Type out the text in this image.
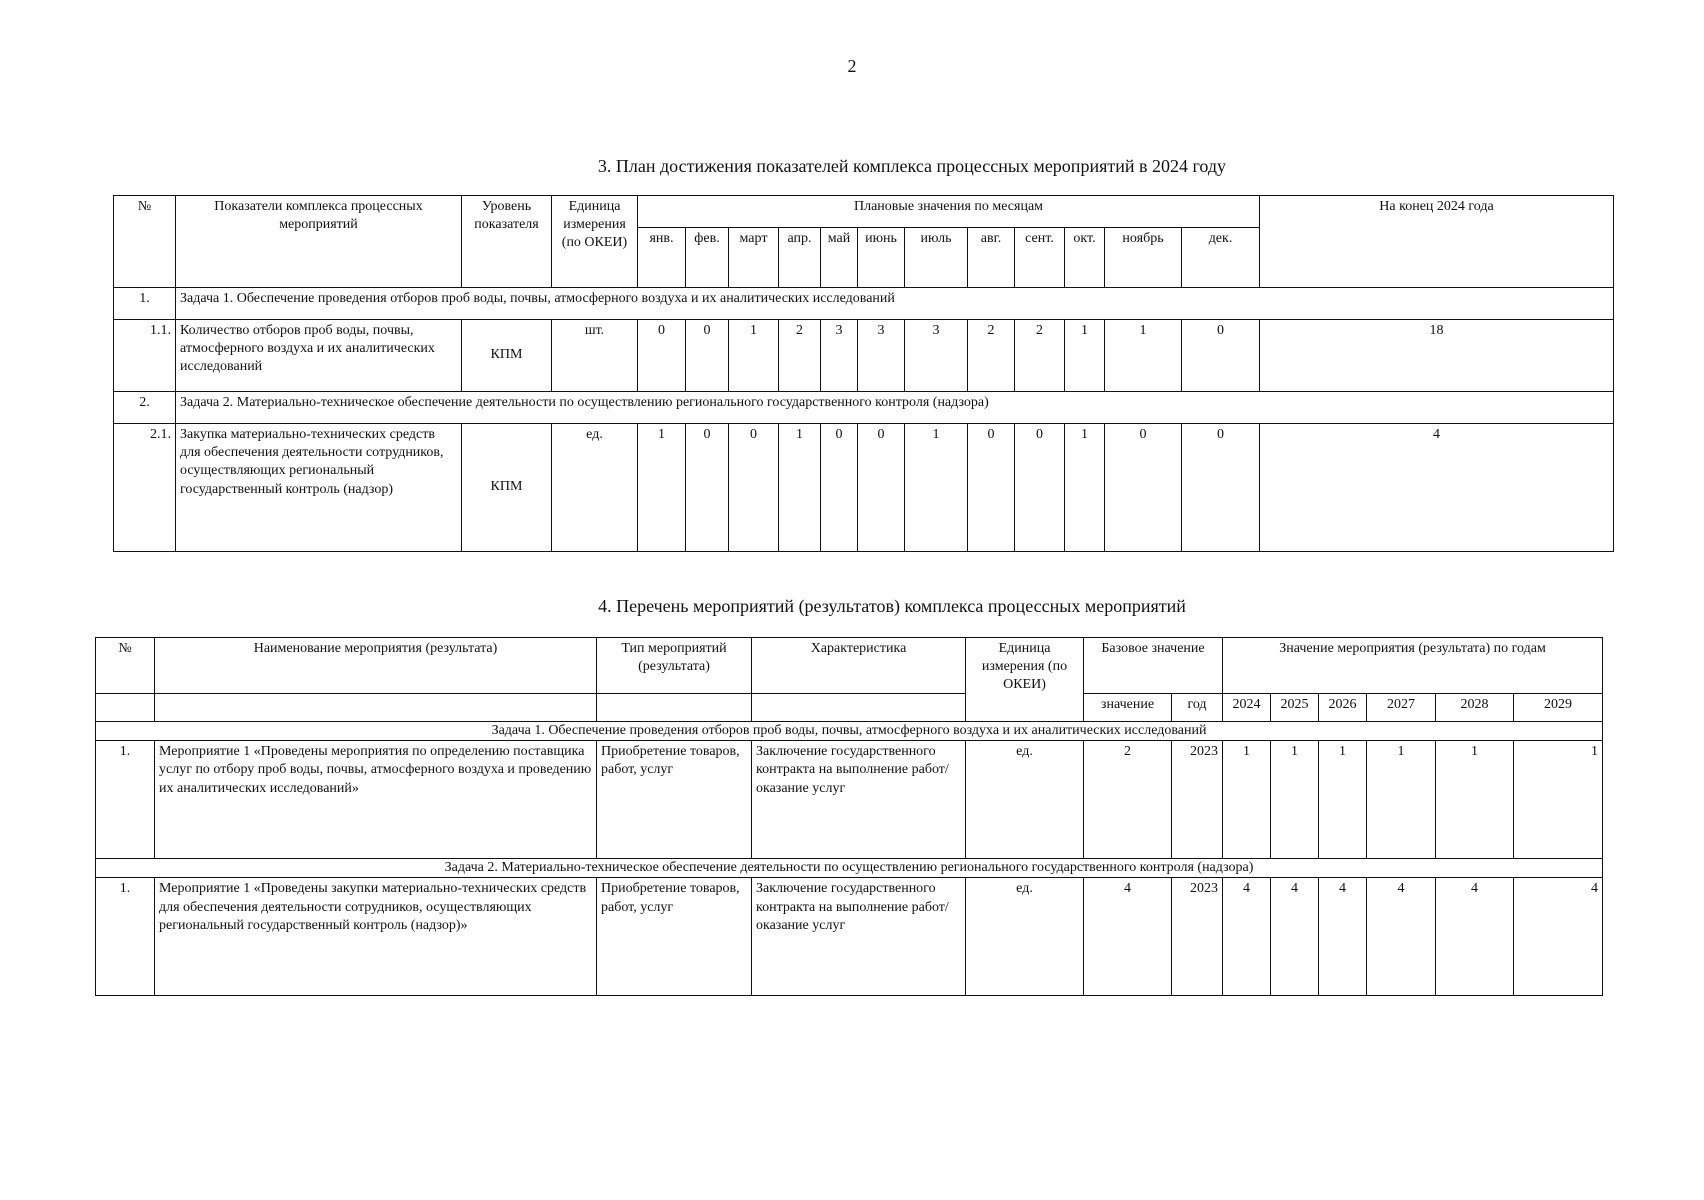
2
3. План достижения показателей комплекса процессных мероприятий в 2024 году
№	Показатели комплекса процессных мероприятий	Уровень показателя	Единица измерения (по ОКЕИ)	Плановые значения по месяцам												На конец 2024 года
				янв.	фев.	март	апр.	май	июнь	июль	авг.	сент.	окт.	ноябрь	дек.	
1.	Задача 1. Обеспечение проведения отборов проб воды, почвы, атмосферного воздуха и их аналитических исследований															
1.1.	Количество отборов проб воды, почвы, атмосферного воздуха и их аналитических исследований	КПМ	шт.	0	0	1	2	3	3	3	2	2	1	1	0	18
2.	Задача 2. Материально-техническое обеспечение деятельности по осуществлению регионального государственного контроля (надзора)															
2.1.	Закупка материально-технических средств для обеспечения деятельности сотрудников, осуществляющих региональный государственный контроль (надзор)	КПМ	ед.	1	0	0	1	0	0	1	0	0	1	0	0	4
4. Перечень мероприятий (результатов) комплекса процессных мероприятий
№	Наименование мероприятия (результата)	Тип мероприятий (результата)	Характеристика	Единица измерения (по ОКЕИ)	Базовое значение		Значение мероприятия (результата) по годам					
					значение	год	2024	2025	2026	2027	2028	2029
Задача 1. Обеспечение проведения отборов проб воды, почвы, атмосферного воздуха и их аналитических исследований												
1.	Мероприятие 1 «Проведены мероприятия по определению поставщика услуг по отбору проб воды, почвы, атмосферного воздуха и проведению их аналитических исследований»	Приобретение товаров, работ, услуг	Заключение государственного контракта на выполнение работ/оказание услуг	ед.	2	2023	1	1	1	1	1	1
Задача 2. Материально-техническое обеспечение деятельности по осуществлению регионального государственного контроля (надзора)												
1.	Мероприятие 1 «Проведены закупки материально-технических средств для обеспечения деятельности сотрудников, осуществляющих региональный государственный контроль (надзор)»	Приобретение товаров, работ, услуг	Заключение государственного контракта на выполнение работ/оказание услуг	ед.	4	2023	4	4	4	4	4	4
